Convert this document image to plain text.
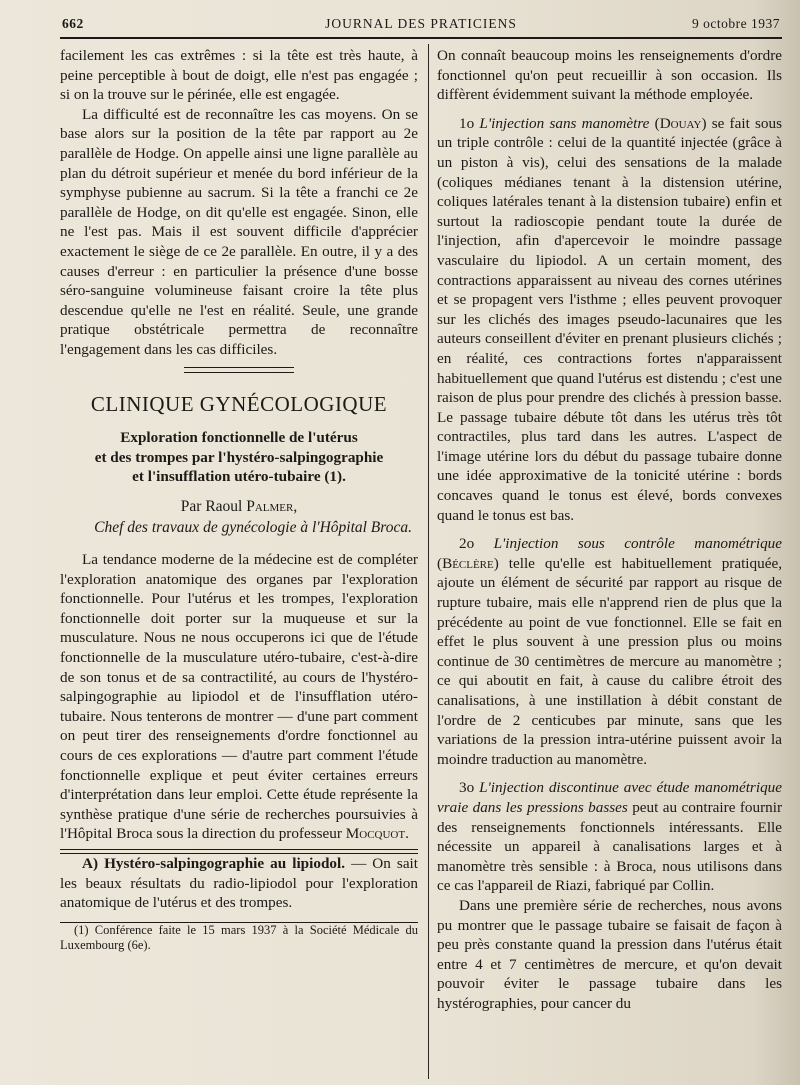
662	JOURNAL DES PRATICIENS	9 octobre 1937

facilement les cas extrêmes : si la tête est très haute, à peine perceptible à bout de doigt, elle n'est pas engagée ; si on la trouve sur le périnée, elle est engagée.

La difficulté est de reconnaître les cas moyens. On se base alors sur la position de la tête par rapport au 2e parallèle de Hodge. On appelle ainsi une ligne parallèle au plan du détroit supérieur et menée du bord inférieur de la symphyse pubienne au sacrum. Si la tête a franchi ce 2e parallèle de Hodge, on dit qu'elle est engagée. Sinon, elle ne l'est pas. Mais il est souvent difficile d'apprécier exactement le siège de ce 2e parallèle. En outre, il y a des causes d'erreur : en particulier la présence d'une bosse séro-sanguine volumineuse faisant croire la tête plus descendue qu'elle ne l'est en réalité. Seule, une grande pratique obstétricale permettra de reconnaître l'engagement dans les cas difficiles.

CLINIQUE GYNÉCOLOGIQUE
Exploration fonctionnelle de l'utérus
et des trompes par l'hystéro-salpingographie
et l'insufflation utéro-tubaire (1).
Par Raoul Palmer,
Chef des travaux de gynécologie à l'Hôpital Broca.

La tendance moderne de la médecine est de compléter l'exploration anatomique des organes par l'exploration fonctionnelle. Pour l'utérus et les trompes, l'exploration fonctionnelle doit porter sur la muqueuse et sur la musculature. Nous ne nous occuperons ici que de l'étude fonctionnelle de la musculature utéro-tubaire, c'est-à-dire de son tonus et de sa contractilité, au cours de l'hystéro-salpingographie au lipiodol et de l'insufflation utéro-tubaire. Nous tenterons de montrer — d'une part comment on peut tirer des renseignements d'ordre fonctionnel au cours de ces explorations — d'autre part comment l'étude fonctionnelle explique et peut éviter certaines erreurs d'interprétation dans leur emploi. Cette étude représente la synthèse pratique d'une série de recherches poursuivies à l'Hôpital Broca sous la direction du professeur Mocquot.

A) Hystéro-salpingographie au lipiodol. — On sait les beaux résultats du radio-lipiodol pour l'exploration anatomique de l'utérus et des trompes.

(1) Conférence faite le 15 mars 1937 à la Société Médicale du Luxembourg (6e).

On connaît beaucoup moins les renseignements d'ordre fonctionnel qu'on peut recueillir à son occasion. Ils diffèrent évidemment suivant la méthode employée.

1o L'injection sans manomètre (Douay) se fait sous un triple contrôle : celui de la quantité injectée (grâce à un piston à vis), celui des sensations de la malade (coliques médianes tenant à la distension utérine, coliques latérales tenant à la distension tubaire) enfin et surtout la radioscopie pendant toute la durée de l'injection, afin d'apercevoir le moindre passage vasculaire du lipiodol. A un certain moment, des contractions apparaissent au niveau des cornes utérines et se propagent vers l'isthme ; elles peuvent provoquer sur les clichés des images pseudo-lacunaires que les auteurs conseillent d'éviter en prenant plusieurs clichés ; en réalité, ces contractions fortes n'apparaissent habituellement que quand l'utérus est distendu ; c'est une raison de plus pour prendre des clichés à pression basse. Le passage tubaire débute tôt dans les utérus très tôt contractiles, plus tard dans les autres. L'aspect de l'image utérine lors du début du passage tubaire donne une idée approximative de la tonicité utérine : bords concaves quand le tonus est élevé, bords convexes quand le tonus est bas.

2o L'injection sous contrôle manométrique (Béclère) telle qu'elle est habituellement pratiquée, ajoute un élément de sécurité par rapport au risque de rupture tubaire, mais elle n'apprend rien de plus que la précédente au point de vue fonctionnel. Elle se fait en effet le plus souvent à une pression plus ou moins continue de 30 centimètres de mercure au manomètre ; ce qui aboutit en fait, à cause du calibre étroit des canalisations, à une instillation à débit constant de l'ordre de 2 centicubes par minute, sans que les variations de la pression intra-utérine puissent avoir la moindre traduction au manomètre.

3o L'injection discontinue avec étude manométrique vraie dans les pressions basses peut au contraire fournir des renseignements fonctionnels intéressants. Elle nécessite un appareil à canalisations larges et à manomètre très sensible : à Broca, nous utilisons dans ce cas l'appareil de Riazi, fabriqué par Collin.

Dans une première série de recherches, nous avons pu montrer que le passage tubaire se faisait de façon à peu près constante quand la pression dans l'utérus était entre 4 et 7 centimètres de mercure, et qu'on devait pouvoir éviter le passage tubaire dans les hystérographies, pour cancer du
